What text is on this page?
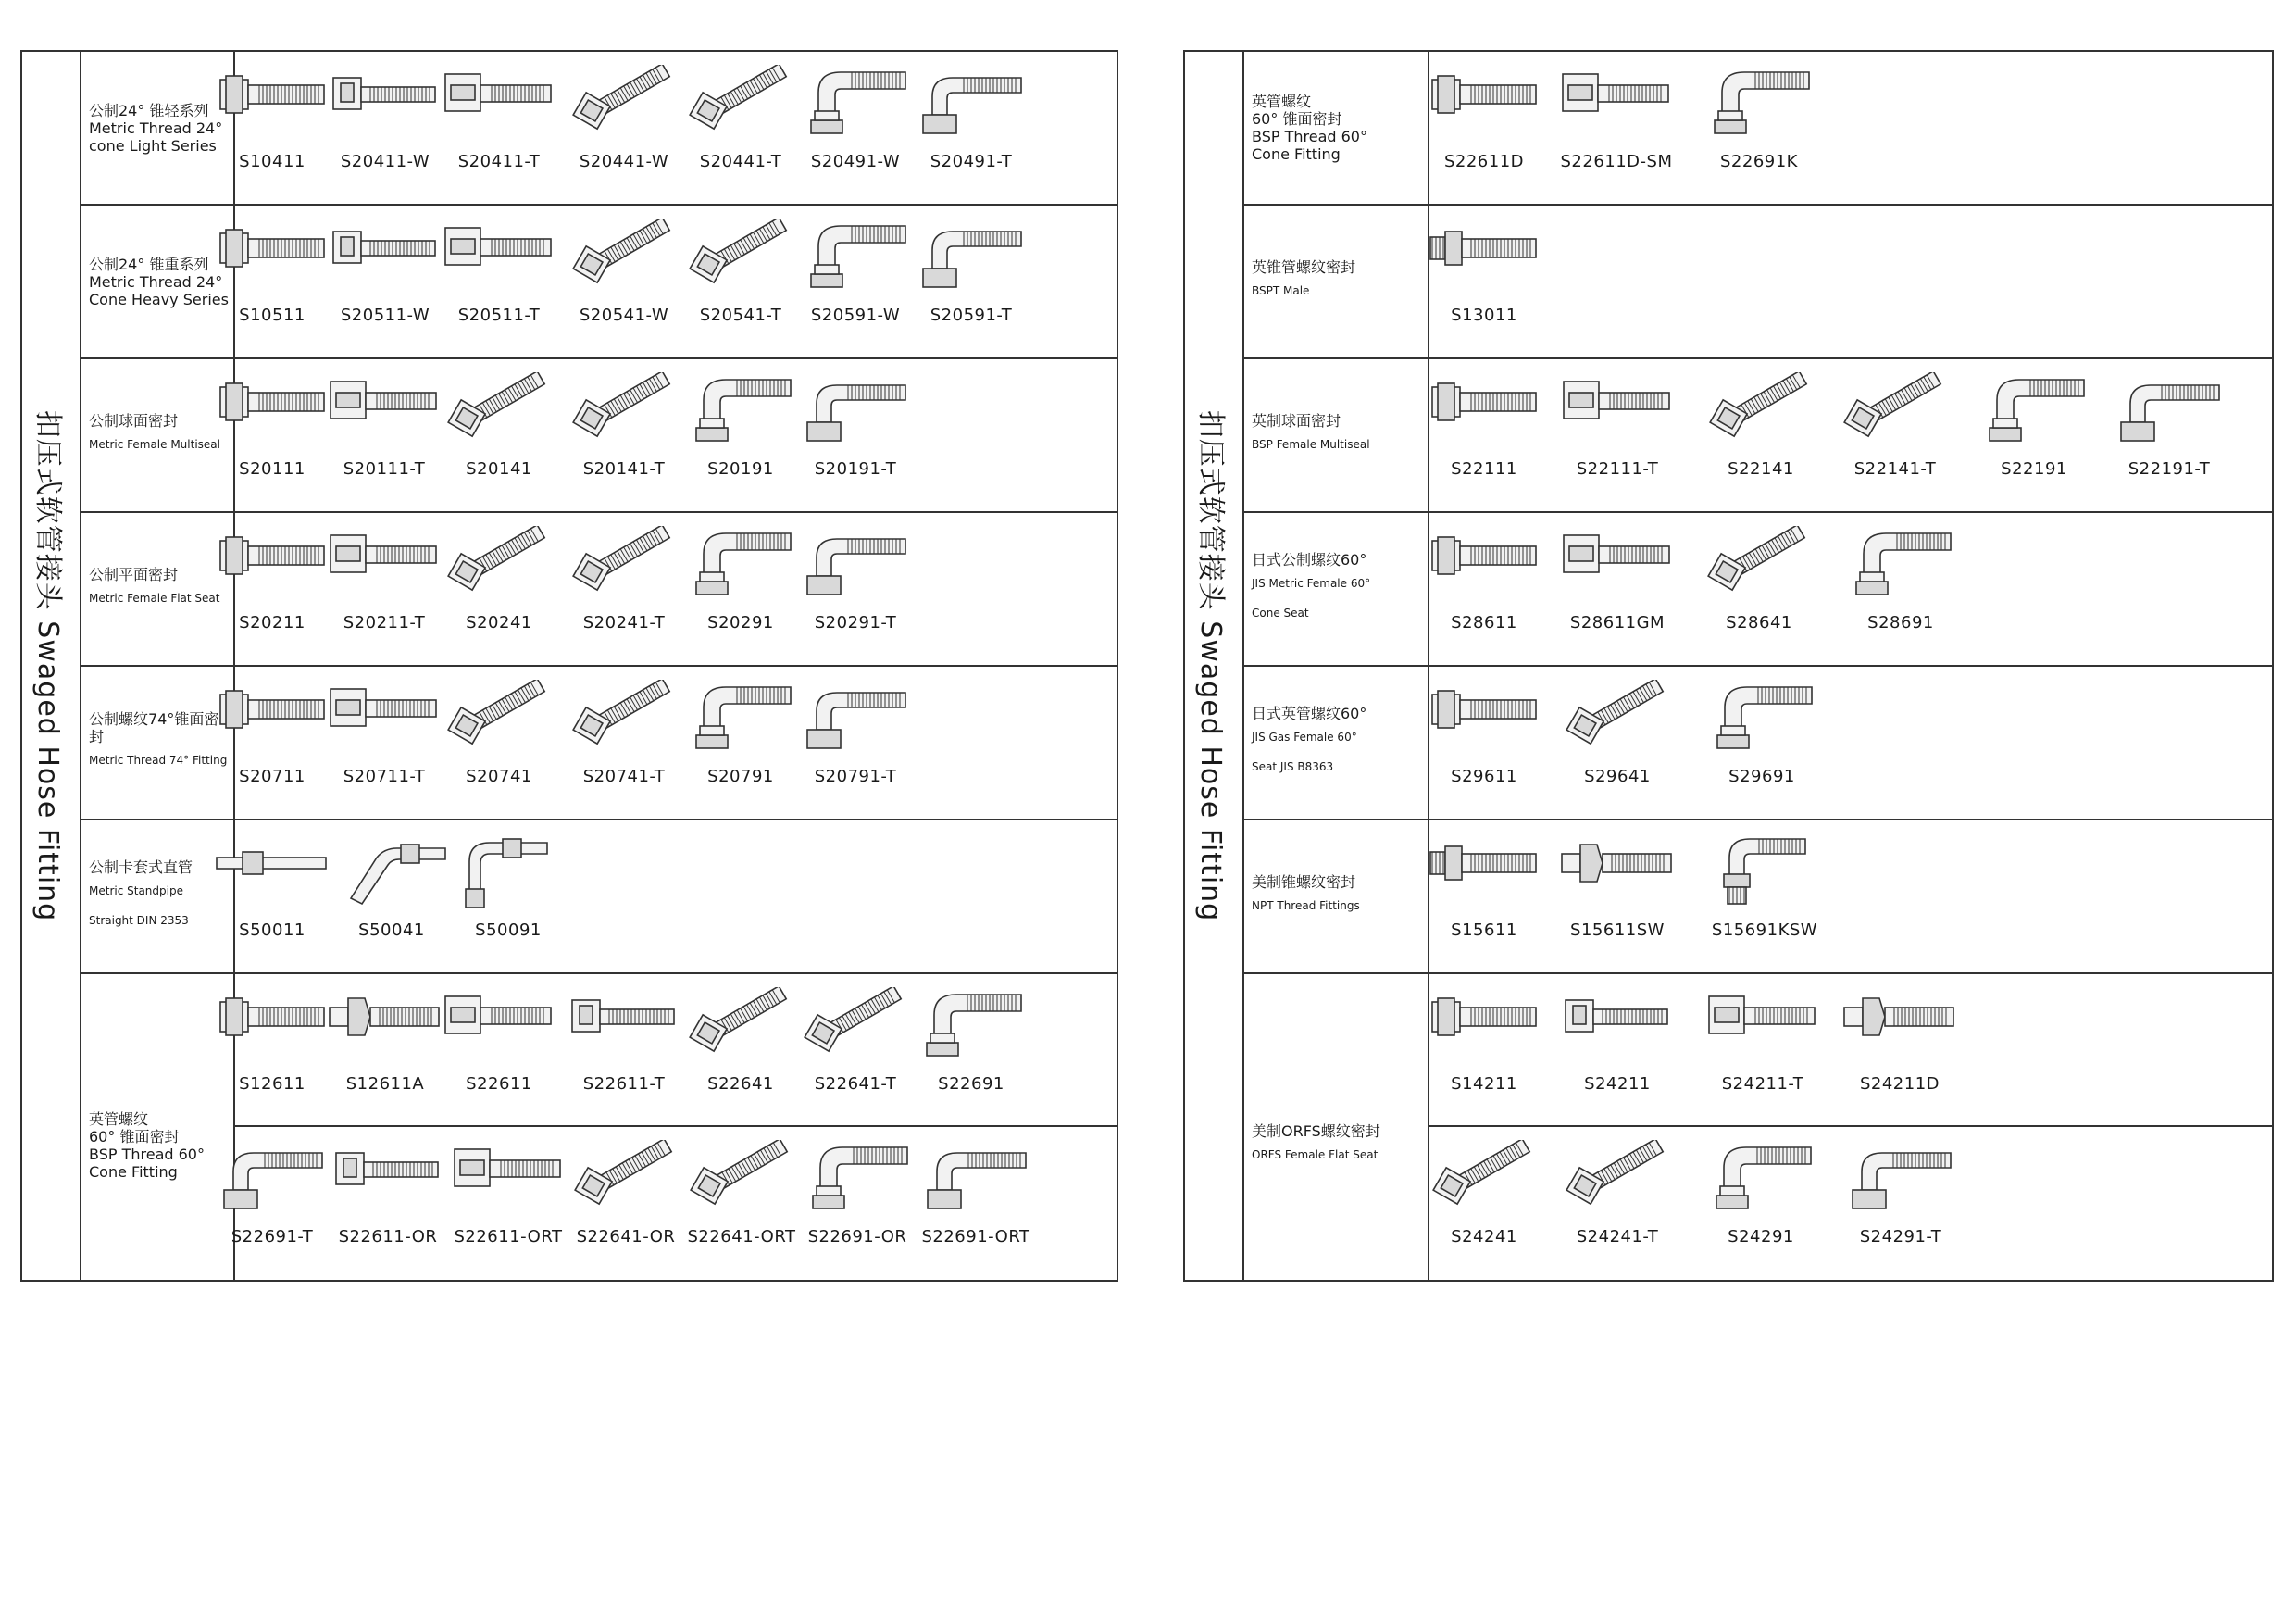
扣压式软管接头 Swaged Hose Fitting
公制24° 锥轻系列
Metric Thread 24°
cone Light Series
S10411	S20411-W	S20411-T	S20441-W	S20441-T	S20491-W	S20491-T
公制24° 锥重系列
Metric Thread 24°
Cone Heavy Series
S10511	S20511-W	S20511-T	S20541-W	S20541-T	S20591-W	S20591-T
公制球面密封
Metric Female Multiseal
S20111	S20111-T	S20141	S20141-T	S20191	S20191-T
公制平面密封
Metric Female Flat Seat
S20211	S20211-T	S20241	S20241-T	S20291	S20291-T
公制螺纹74°锥面密封
Metric Thread 74° Fitting
S20711	S20711-T	S20741	S20741-T	S20791	S20791-T
公制卡套式直管
Metric Standpipe
Straight DIN 2353
S50011	S50041	S50091
英管螺纹
60° 锥面密封
BSP Thread 60°
Cone Fitting
S12611	S12611A	S22611	S22611-T	S22641	S22641-T	S22691
S22691-T	S22611-OR	S22611-ORT S22641-OR S22641-ORT S22691-OR S22691-ORT
扣压式软管接头 Swaged Hose Fitting
英管螺纹
60° 锥面密封
BSP Thread 60°
Cone Fitting	S22611D	S22611D-SM	S22691K
英锥管螺纹密封
BSPT Male
S13011
英制球面密封
BSP Female Multiseal
S22111	S22111-T	S22141	S22141-T	S22191	S22191-T
日式公制螺纹60°
JIS Metric Female 60°
Cone Seat
S28611	S28611GM	S28641	S28691
日式英管螺纹60°
JIS Gas Female 60°
Seat JIS B8363
S29611	S29641	S29691
美制锥螺纹密封
NPT Thread Fittings
S15611	S15611SW	S15691KSW
美制ORFS螺纹密封
ORFS Female Flat Seat
S14211	S24211	S24211-T	S24211D
S24241	S24241-T	S24291	S24291-T
